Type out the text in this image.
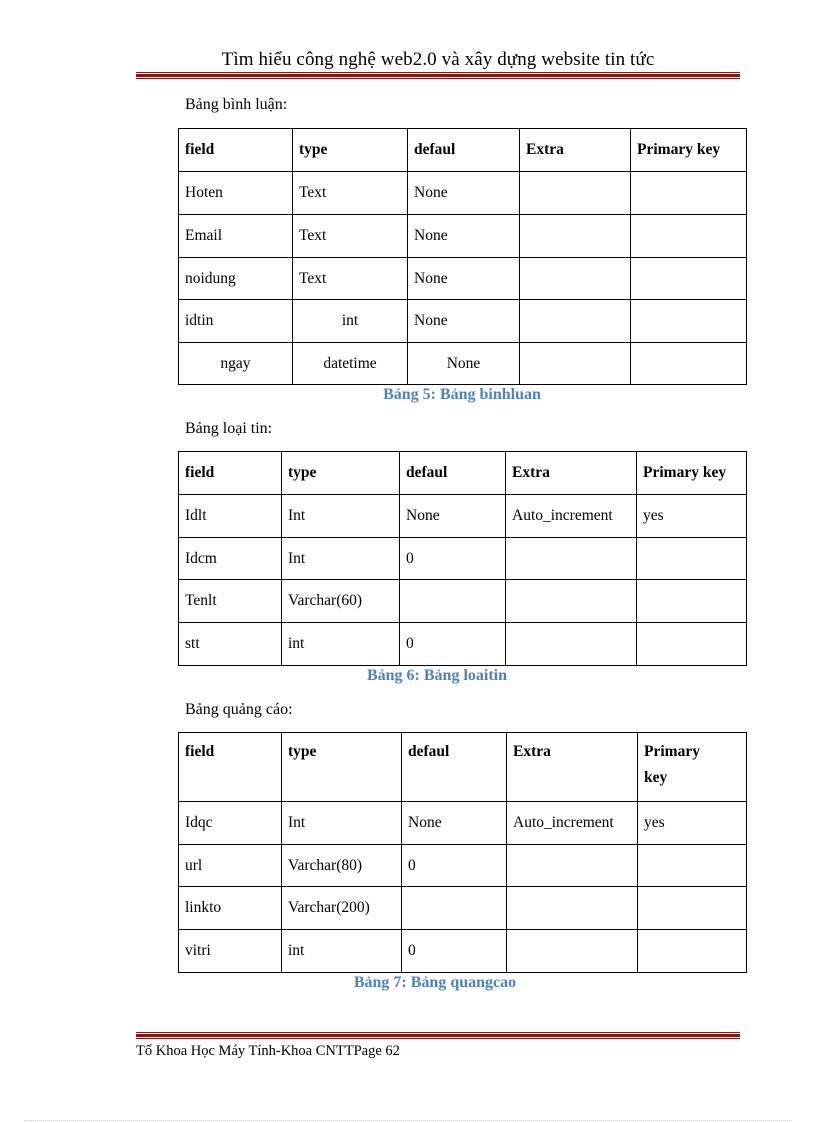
Tìm hiểu công nghệ web2.0 và xây dựng website tin tức
Bảng bình luận:
field	type	defaul	Extra	Primary key
Hoten	Text	None		
Email	Text	None		
noidung	Text	None		
idtin	int	None		
ngay	datetime	None		
Bảng 5: Bảng binhluan
Bảng loại tin:
field	type	defaul	Extra	Primary key
Idlt	Int	None	Auto_increment	yes
Idcm	Int	0		
Tenlt	Varchar(60)			
stt	int	0		
Bảng 6: Bảng loaitin
Bảng quảng cáo:
field	type	defaul	Extra	Primary key
Idqc	Int	None	Auto_increment	yes
url	Varchar(80)	0		
linkto	Varchar(200)			
vitri	int	0		
Bảng 7: Bảng quangcao
Tổ Khoa Học Máy Tính-Khoa CNTTPage 62
